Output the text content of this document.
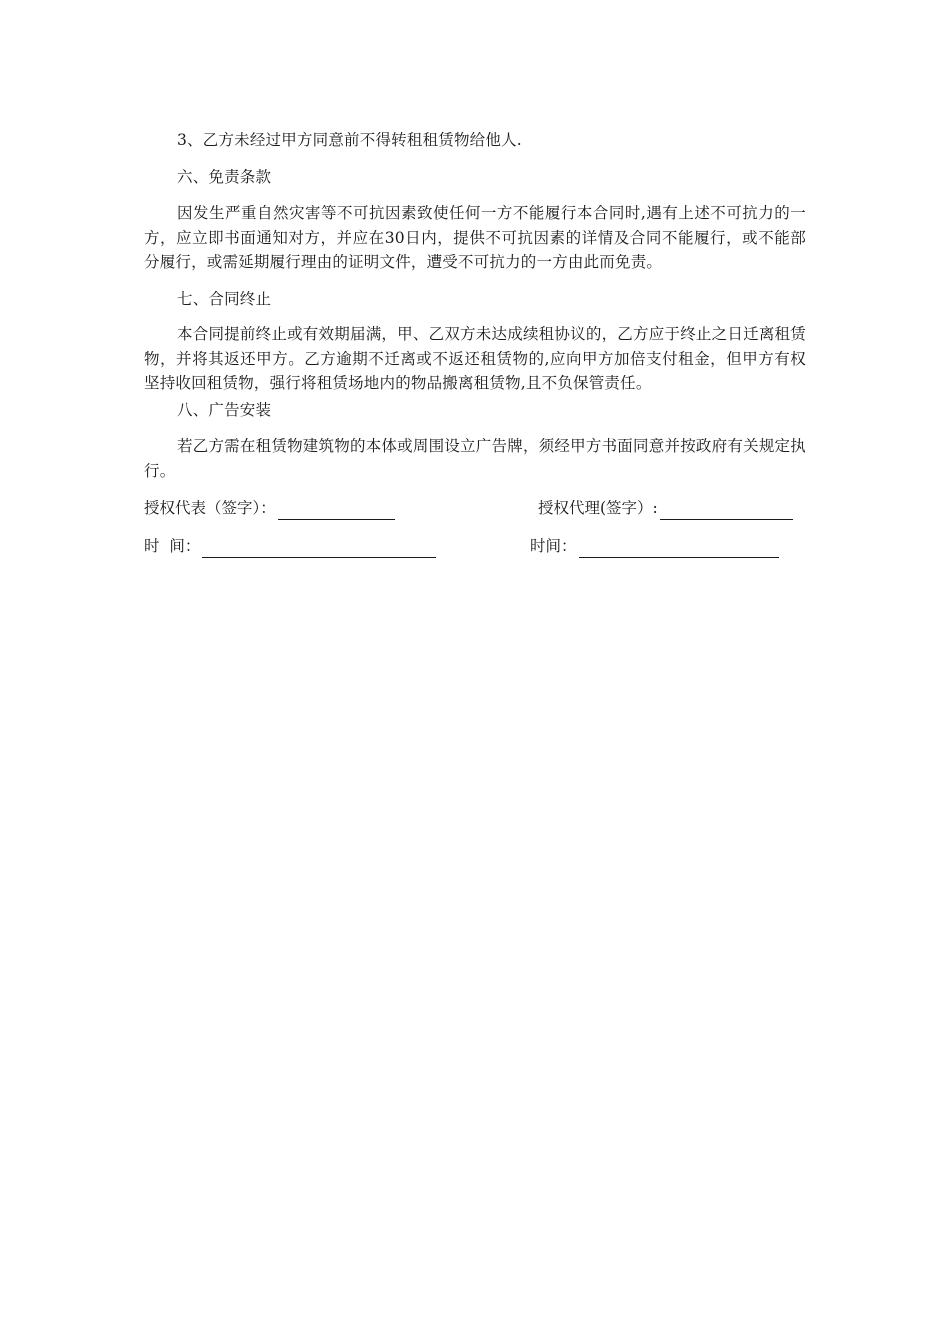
3、乙方未经过甲方同意前不得转租租赁物给他人.
六、免责条款
因发生严重自然灾害等不可抗因素致使任何一方不能履行本合同时,遇有上述不可抗力的一方，应立即书面通知对方，并应在30日内，提供不可抗因素的详情及合同不能履行，或不能部分履行，或需延期履行理由的证明文件，遭受不可抗力的一方由此而免责。
七、合同终止
本合同提前终止或有效期届满，甲、乙双方未达成续租协议的，乙方应于终止之日迁离租赁物，并将其返还甲方。乙方逾期不迁离或不返还租赁物的,应向甲方加倍支付租金，但甲方有权坚持收回租赁物，强行将租赁场地内的物品搬离租赁物,且不负保管责任。
八、广告安装
若乙方需在租赁物建筑物的本体或周围设立广告牌，须经甲方书面同意并按政府有关规定执行。
授权代表（签字）：	授权代理(签字）:
时  间：	时间：
